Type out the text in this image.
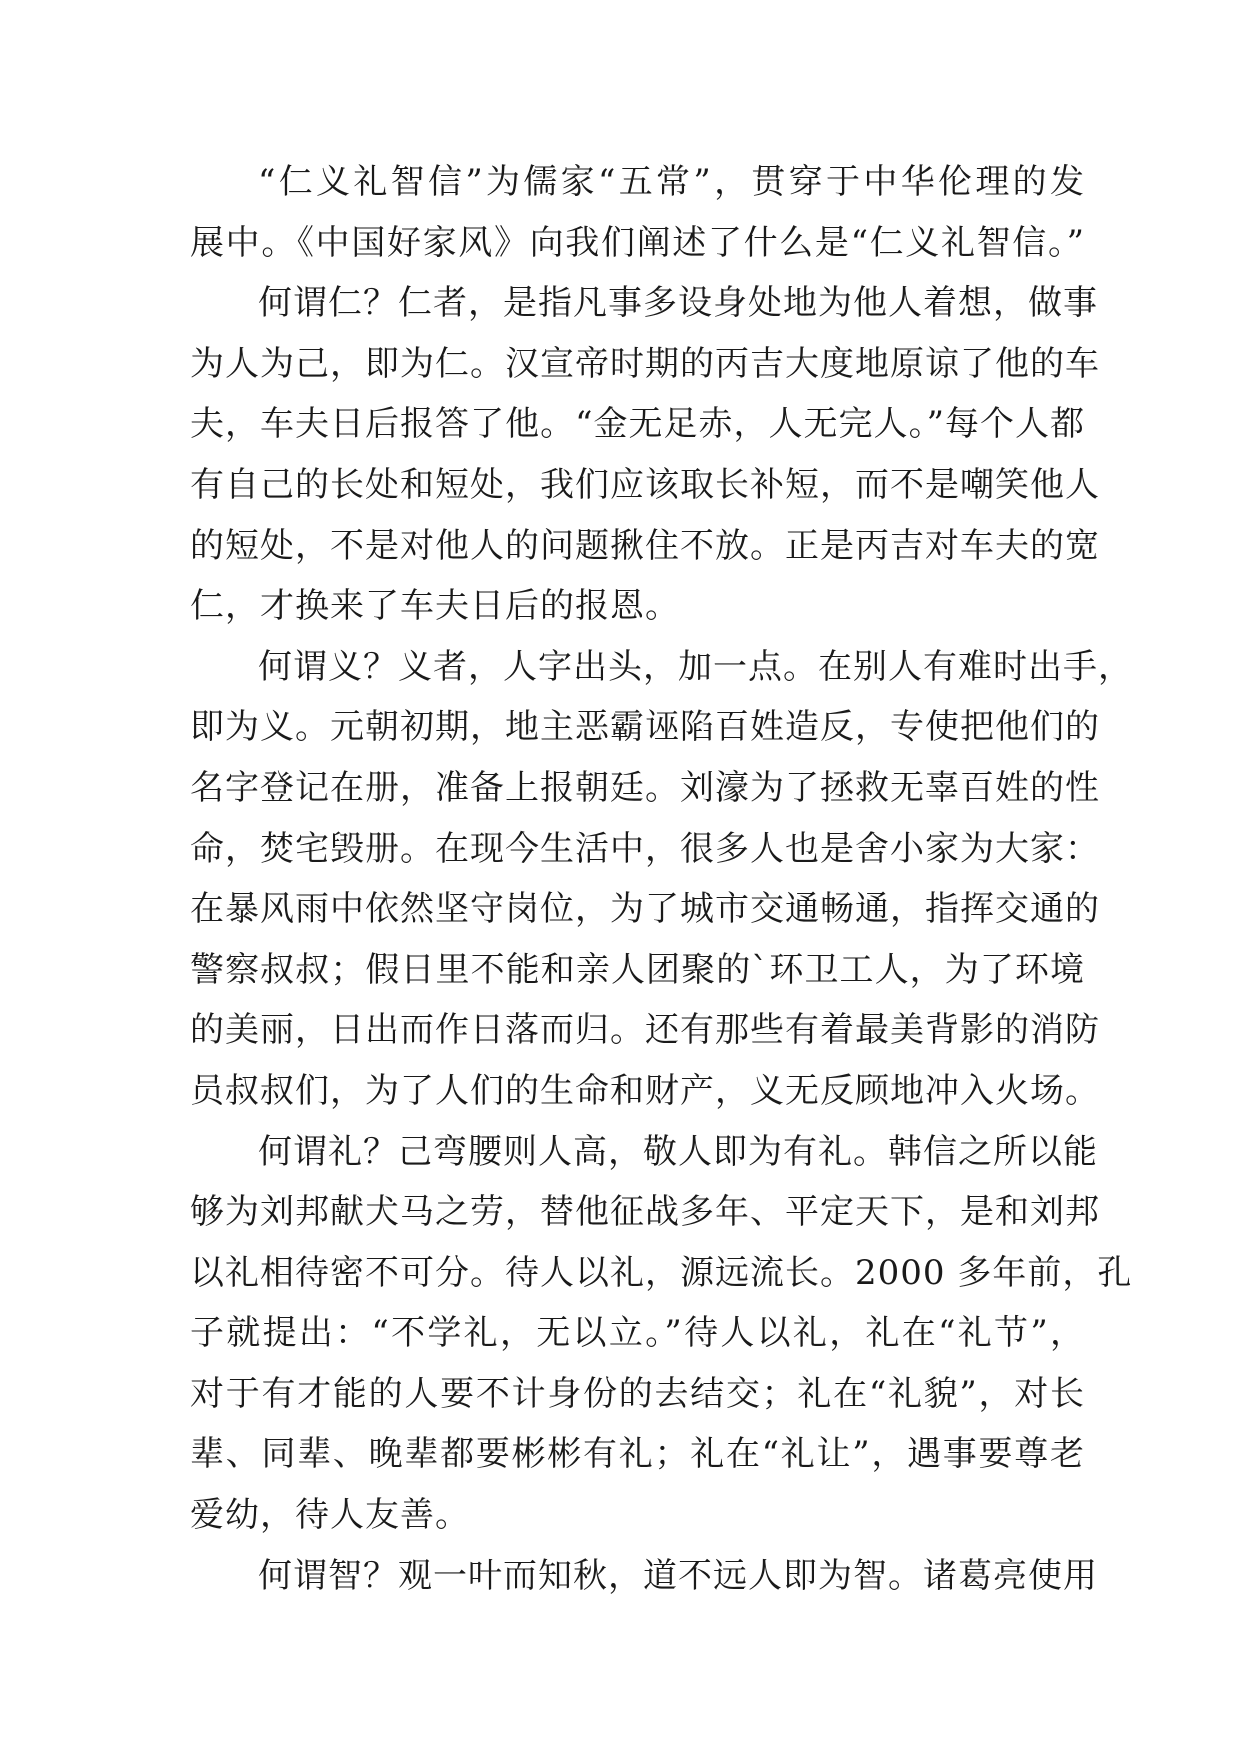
“仁义礼智信”为儒家“五常”，贯穿于中华伦理的发
展中。《中国好家风》向我们阐述了什么是“仁义礼智信。”
何谓仁？仁者，是指凡事多设身处地为他人着想，做事
为人为己，即为仁。汉宣帝时期的丙吉大度地原谅了他的车
夫，车夫日后报答了他。“金无足赤，人无完人。”每个人都
有自己的长处和短处，我们应该取长补短，而不是嘲笑他人
的短处，不是对他人的问题揪住不放。正是丙吉对车夫的宽
仁，才换来了车夫日后的报恩。
何谓义？义者，人字出头，加一点。在别人有难时出手，
即为义。元朝初期，地主恶霸诬陷百姓造反，专使把他们的
名字登记在册，准备上报朝廷。刘濠为了拯救无辜百姓的性
命，焚宅毁册。在现今生活中，很多人也是舍小家为大家：
在暴风雨中依然坚守岗位，为了城市交通畅通，指挥交通的
警察叔叔；假日里不能和亲人团聚的`环卫工人，为了环境
的美丽，日出而作日落而归。还有那些有着最美背影的消防
员叔叔们，为了人们的生命和财产，义无反顾地冲入火场。
何谓礼？己弯腰则人高，敬人即为有礼。韩信之所以能
够为刘邦献犬马之劳，替他征战多年、平定天下，是和刘邦
以礼相待密不可分。待人以礼，源远流长。2000 多年前，孔
子就提出：“不学礼，无以立。”待人以礼，礼在“礼节”，
对于有才能的人要不计身份的去结交；礼在“礼貌”，对长
辈、同辈、晚辈都要彬彬有礼；礼在“礼让”，遇事要尊老
爱幼，待人友善。
何谓智？观一叶而知秋，道不远人即为智。诸葛亮使用
